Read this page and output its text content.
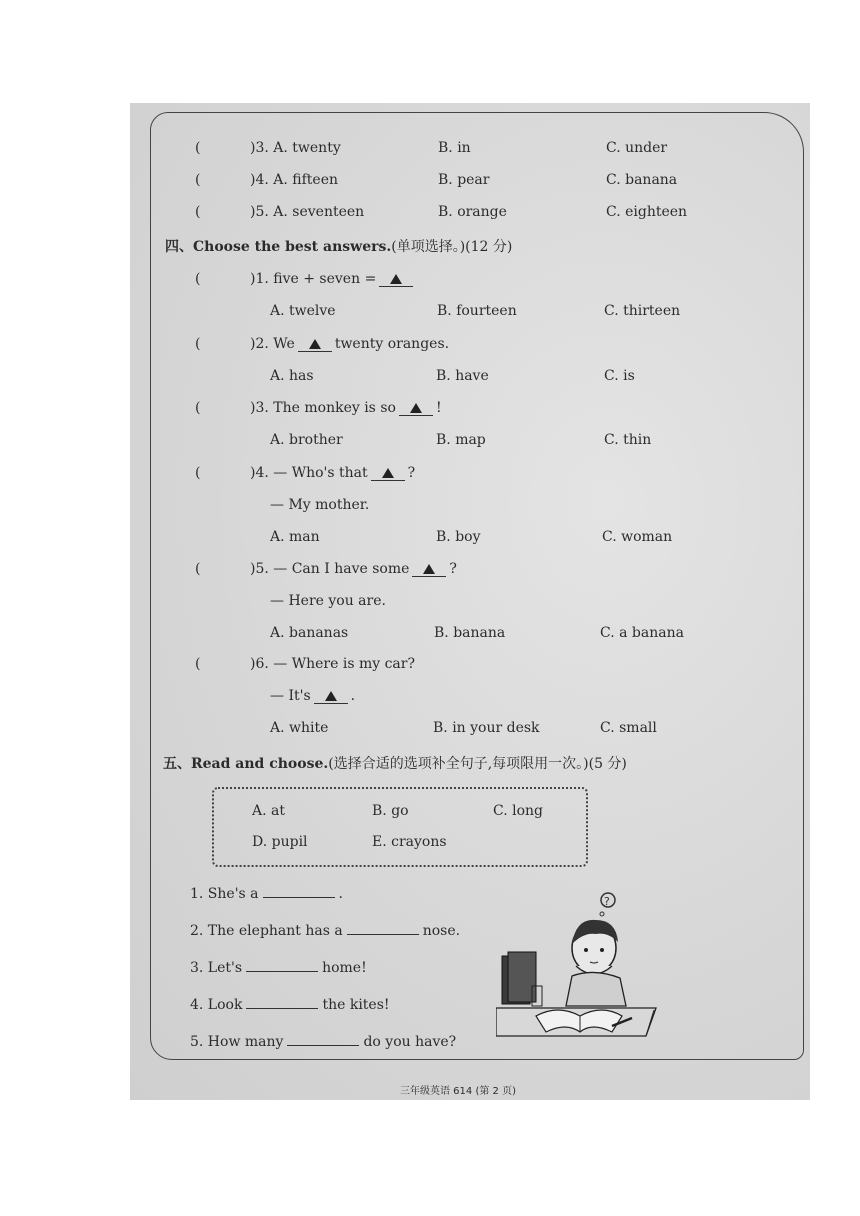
(	)3. A. twenty	B. in	C. under
(	)4. A. fifteen	B. pear	C. banana
(	)5. A. seventeen	B. orange	C. eighteen
四、Choose the best answers.(单项选择。)(12 分)
(	)1. five + seven =
A. twelve	B. fourteen	C. thirteen
(	)2. We	twenty oranges.
A. has	B. have	C. is
(	)3. The monkey is so	!
A. brother	B. map	C. thin
(	)4. — Who's that	?
— My mother.
A. man	B. boy	C. woman
(	)5. — Can I have some	?
— Here you are.
A. bananas	B. banana	C. a banana
(	)6. — Where is my car?
— It's	.
A. white	B. in your desk	C. small
五、Read and choose.(选择合适的选项补全句子,每项限用一次。)(5 分)
A. at	B. go	C. long
D. pupil	E. crayons
1. She's a	.
2. The elephant has a	nose.
3. Let's	home!
4. Look	the kites!
5. How many	do you have?
?
三年级英语 614 (第 2 页)
